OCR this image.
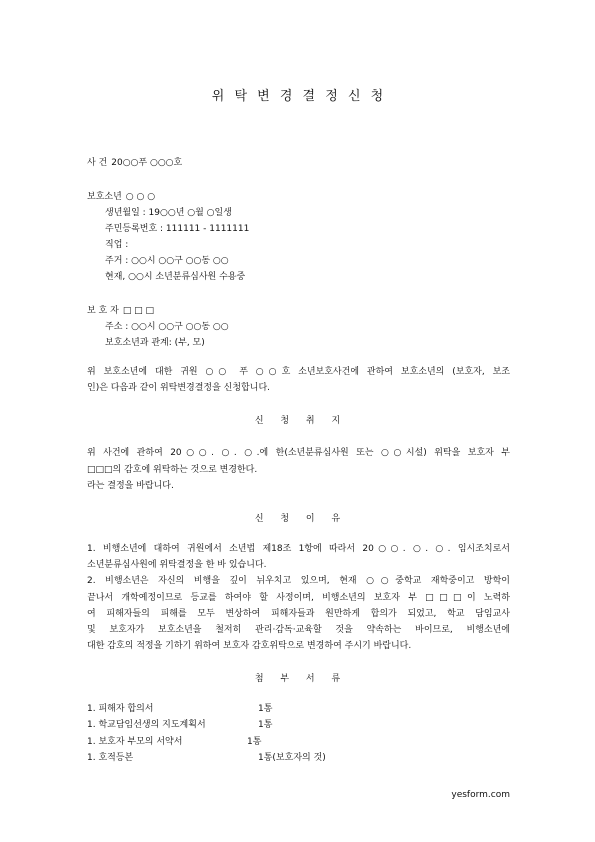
위 탁 변 경 결 정 신 청
사 건 20○○푸 ○○○호
보호소년 ○ ○ ○
생년월일 : 19○○년 ○월 ○일생
주민등록번호 : 111111 - 1111111
직업 :
주거 : ○○시 ○○구 ○○동 ○○
현재, ○○시 소년분류심사원 수용중
보 호 자 □ □ □
주소 : ○○시 ○○구 ○○동 ○○
보호소년과 관계: (부, 모)
위 보호소년에 대한 귀원 ○○ 푸 ○○호 소년보호사건에 관하여 보호소년의 (보호자, 보조
인)은 다음과 같이 위탁변경결정을 신청합니다.
신 청 취 지
위 사건에 관하여 20○○. ○. ○.에 한(소년분류심사원 또는 ○○시설) 위탁을 보호자 부
□□□의 감호에 위탁하는 것으로 변경한다.
라는 결정을 바랍니다.
신 청 이 유
1. 비행소년에 대하여 귀원에서 소년법 제18조 1항에 따라서 20○○. ○. ○. 임시조치로서
소년분류심사원에 위탁결정을 한 바 있습니다.
2. 비행소년은 자신의 비행을 깊이 뉘우치고 있으며, 현재 ○○중학교 재학중이고 방학이
끝나서 개학예정이므로 등교를 하여야 할 사정이며, 비행소년의 보호자 부 □□□이 노력하
여 피해자들의 피해를 모두 변상하여 피해자들과 원만하게 합의가 되었고, 학교 담임교사
및 보호자가 보호소년을 철저히 관리·감독·교육할 것을 약속하는 바이므로, 비행소년에
대한 감호의 적정을 기하기 위하여 보호자 감호위탁으로 변경하여 주시기 바랍니다.
첨 부 서 류
1. 피해자 합의서	1통
1. 학교담임선생의 지도계획서	1통
1. 보호자 부모의 서약서	1통
1. 호적등본	1통(보호자의 것)
yesform.com
